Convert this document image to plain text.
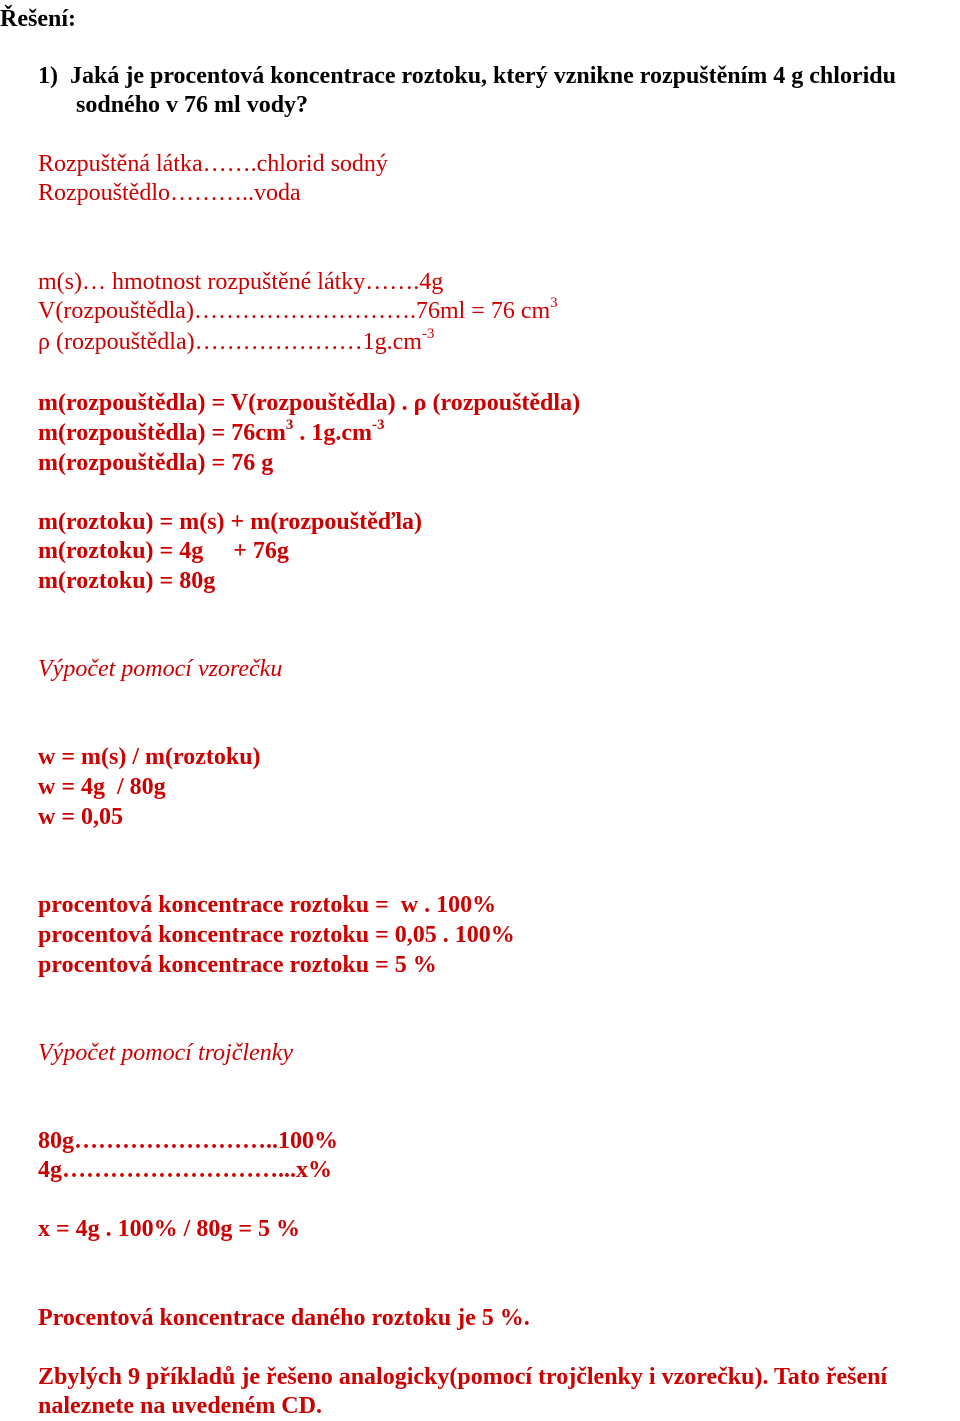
Řešení:
1) Jaká je procentová koncentrace roztoku, který vznikne rozpuštěním 4 g chloridu
sodného v 76 ml vody?
Rozpuštěná látka…….chlorid sodný
Rozpouštědlo………..voda
m(s)… hmotnost rozpuštěné látky…….4g
V(rozpouštědla)……………………….76ml = 76 $cm^3$
ρ $(rozpouštědla)\dots\dots\dots\dots\dots\dots\dots 1g.cm^{-3}$
m(rozpouštědla) = V(rozpouštědla) . ρ (rozpouštědla)
m(rozpouštědla) = $76cm^3$ . $1g.cm^{-3}$
m(rozpouštědla) = 76 g
m(roztoku) = m(s) + m(rozpouštěďla)
m(roztoku) = 4g     + 76g
m(roztoku) = 80g
Výpočet pomocí vzorečku
w = m(s) / m(roztoku)
w = 4g  / 80g
w = 0,05
procentová koncentrace roztoku =  w . 100%
procentová koncentrace roztoku = 0,05 . 100%
procentová koncentrace roztoku = 5 %
Výpočet pomocí trojčlenky
80g……………………..100%
4g………………………...x%
x = 4g . 100% / 80g = 5 %
Procentová koncentrace daného roztoku je 5 %.
Zbylých 9 příkladů je řešeno analogicky(pomocí trojčlenky i vzorečku). Tato řešení
naleznete na uvedeném CD.
